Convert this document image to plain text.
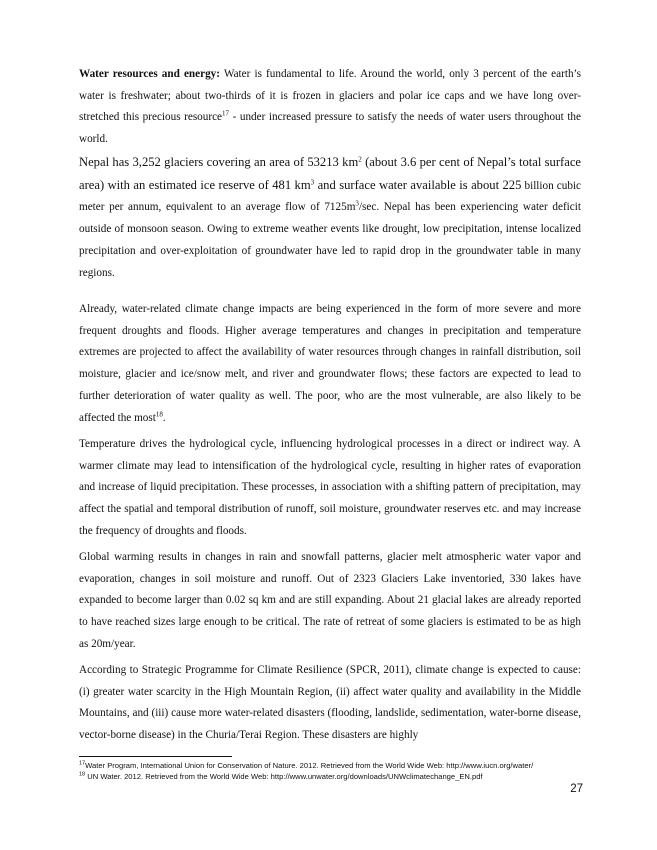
Water resources and energy: Water is fundamental to life. Around the world, only 3 percent of the earth’s water is freshwater; about two-thirds of it is frozen in glaciers and polar ice caps and we have long over-stretched this precious resource$^{17}$ - under increased pressure to satisfy the needs of water users throughout the world.

Nepal has 3,252 glaciers covering an area of 53213 $km^2$ (about 3.6 per cent of Nepal’s total surface area) with an estimated ice reserve of 481 $km^3$ and surface water available is about 225 billion cubic meter per annum, equivalent to an average flow of $7125m^3/\sec$. Nepal has been experiencing water deficit outside of monsoon season. Owing to extreme weather events like drought, low precipitation, intense localized precipitation and over-exploitation of groundwater have led to rapid drop in the groundwater table in many regions.

Already, water-related climate change impacts are being experienced in the form of more severe and more frequent droughts and floods. Higher average temperatures and changes in precipitation and temperature extremes are projected to affect the availability of water resources through changes in rainfall distribution, soil moisture, glacier and ice/snow melt, and river and groundwater flows; these factors are expected to lead to further deterioration of water quality as well. The poor, who are the most vulnerable, are also likely to be affected the most$^{18}$.

Temperature drives the hydrological cycle, influencing hydrological processes in a direct or indirect way. A warmer climate may lead to intensification of the hydrological cycle, resulting in higher rates of evaporation and increase of liquid precipitation. These processes, in association with a shifting pattern of precipitation, may affect the spatial and temporal distribution of runoff, soil moisture, groundwater reserves etc. and may increase the frequency of droughts and floods.

Global warming results in changes in rain and snowfall patterns, glacier melt atmospheric water vapor and evaporation, changes in soil moisture and runoff. Out of 2323 Glaciers Lake inventoried, 330 lakes have expanded to become larger than 0.02 sq km and are still expanding. About 21 glacial lakes are already reported to have reached sizes large enough to be critical. The rate of retreat of some glaciers is estimated to be as high as 20m/year.

According to Strategic Programme for Climate Resilience (SPCR, 2011), climate change is expected to cause: (i) greater water scarcity in the High Mountain Region, (ii) affect water quality and availability in the Middle Mountains, and (iii) cause more water-related disasters (flooding, landslide, sedimentation, water-borne disease, vector-borne disease) in the Churia/Terai Region. These disasters are highly

$^{17}$Water Program, International Union for Conservation of Nature. 2012. Retrieved from the World Wide Web: http://www.iucn.org/water/
$^{18}$ UN Water. 2012. Retrieved from the World Wide Web: http://www.unwater.org/downloads/UNWclimatechange_EN.pdf
27
